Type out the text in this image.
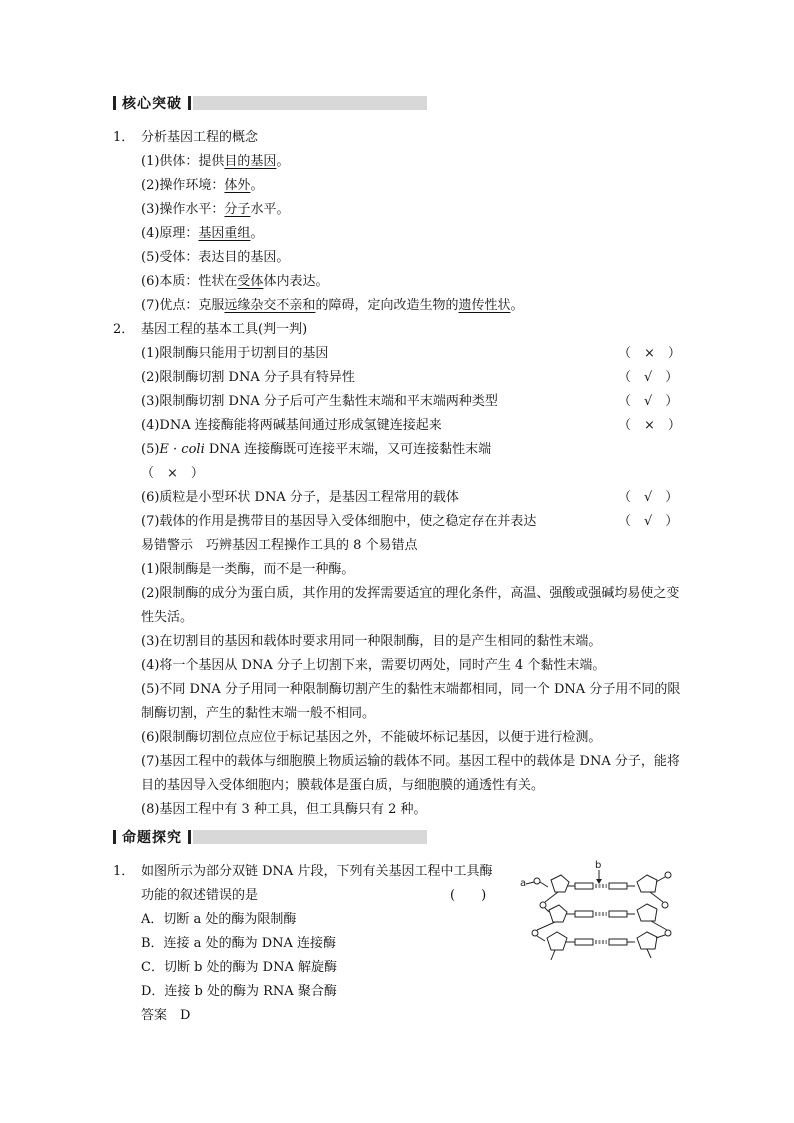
核心突破
1． 分析基因工程的概念
(1)供体：提供目的基因。
(2)操作环境：体外。
(3)操作水平：分子水平。
(4)原理：基因重组。
(5)受体：表达目的基因。
(6)本质：性状在受体体内表达。
(7)优点：克服远缘杂交不亲和的障碍，定向改造生物的遗传性状。
2． 基因工程的基本工具(判一判)
(1)限制酶只能用于切割目的基因	（　×　）
(2)限制酶切割 DNA 分子具有特异性	（　√　）
(3)限制酶切割 DNA 分子后可产生黏性末端和平末端两种类型	（　√　）
(4)DNA 连接酶能将两碱基间通过形成氢键连接起来	（　×　）
(5)E · coli DNA 连接酶既可连接平末端，又可连接黏性末端
（　×　）
(6)质粒是小型环状 DNA 分子，是基因工程常用的载体	（　√　）
(7)载体的作用是携带目的基因导入受体细胞中，使之稳定存在并表达	（　√　）
易错警示　巧辨基因工程操作工具的 8 个易错点
(1)限制酶是一类酶，而不是一种酶。
(2)限制酶的成分为蛋白质，其作用的发挥需要适宜的理化条件，高温、强酸或强碱均易使之变性失活。
(3)在切割目的基因和载体时要求用同一种限制酶，目的是产生相同的黏性末端。
(4)将一个基因从 DNA 分子上切割下来，需要切两处，同时产生 4 个黏性末端。
(5)不同 DNA 分子用同一种限制酶切割产生的黏性末端都相同，同一个 DNA 分子用不同的限制酶切割，产生的黏性末端一般不相同。
(6)限制酶切割位点应位于标记基因之外，不能破坏标记基因，以便于进行检测。
(7)基因工程中的载体与细胞膜上物质运输的载体不同。基因工程中的载体是 DNA 分子，能将目的基因导入受体细胞内；膜载体是蛋白质，与细胞膜的通透性有关。
(8)基因工程中有 3 种工具，但工具酶只有 2 种。
命题探究
1． 如图所示为部分双链 DNA 片段，下列有关基因工程中工具酶
功能的叙述错误的是	(　　)
A．切断 a 处的酶为限制酶
B．连接 a 处的酶为 DNA 连接酶
C．切断 b 处的酶为 DNA 解旋酶
D．连接 b 处的酶为 RNA 聚合酶
答案　D
b
a
